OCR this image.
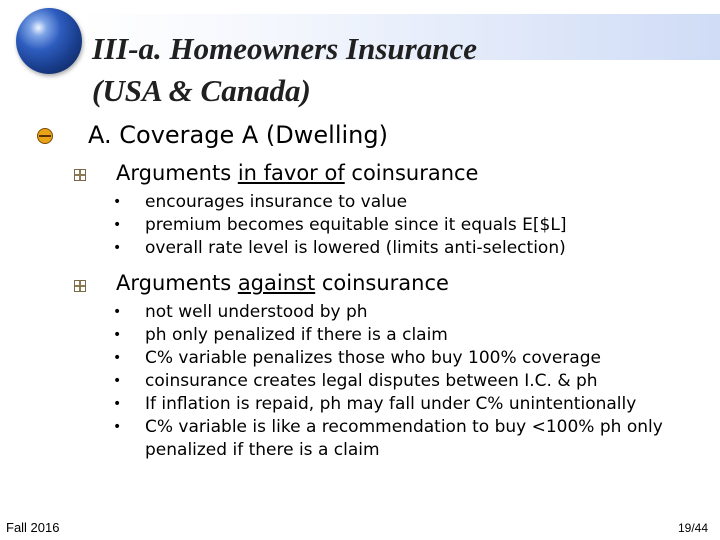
III-a. Homeowners Insurance
(USA & Canada)
A. Coverage A (Dwelling)
Arguments in favor of coinsurance
• encourages insurance to value
• premium becomes equitable since it equals E[$L]
• overall rate level is lowered (limits anti-selection)
Arguments against coinsurance
• not well understood by ph
• ph only penalized if there is a claim
• C% variable penalizes those who buy 100% coverage
• coinsurance creates legal disputes between I.C. & ph
• If inflation is repaid, ph may fall under C% unintentionally
• C% variable is like a recommendation to buy <100% ph only penalized if there is a claim
Fall 2016	19/44
